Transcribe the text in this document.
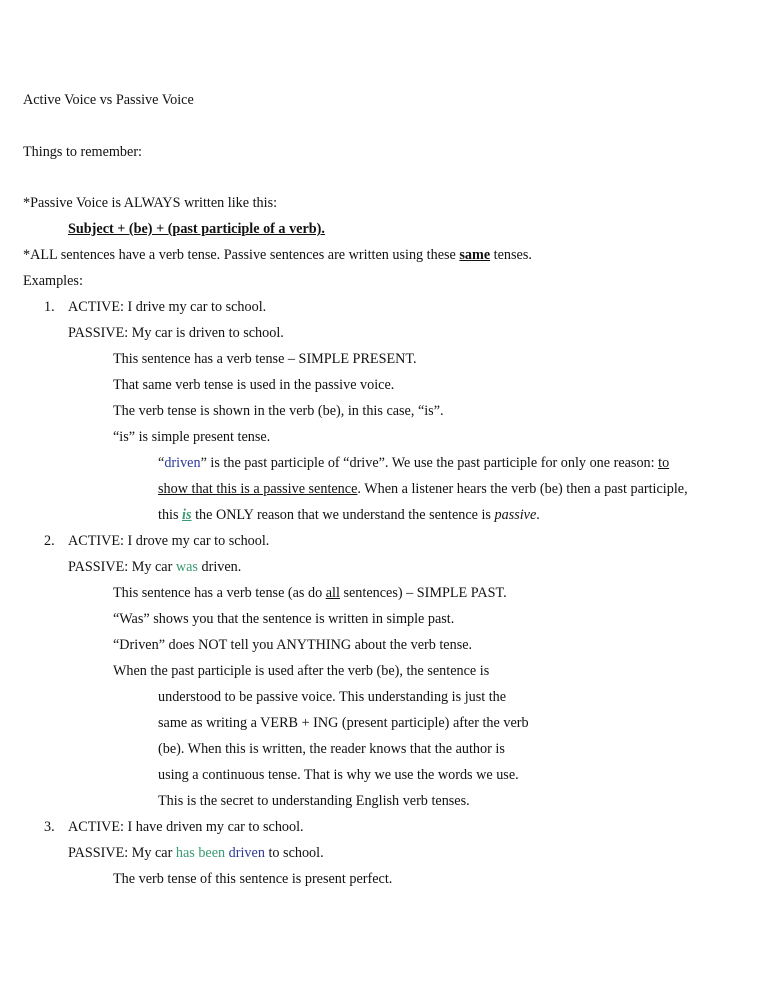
Active Voice vs Passive Voice
Things to remember:
*Passive Voice is ALWAYS written like this:
Subject + (be) + (past participle of a verb).
*ALL sentences have a verb tense. Passive sentences are written using these same tenses.
Examples:
1. ACTIVE: I drive my car to school.
PASSIVE: My car is driven to school.
This sentence has a verb tense – SIMPLE PRESENT.
That same verb tense is used in the passive voice.
The verb tense is shown in the verb (be), in this case, “is”.
“is” is simple present tense.
“driven” is the past participle of “drive”. We use the past participle for only one reason: to
show that this is a passive sentence. When a listener hears the verb (be) then a past participle,
this is the ONLY reason that we understand the sentence is passive.
2. ACTIVE: I drove my car to school.
PASSIVE: My car was driven.
This sentence has a verb tense (as do all sentences) – SIMPLE PAST.
“Was” shows you that the sentence is written in simple past.
“Driven” does NOT tell you ANYTHING about the verb tense.
When the past participle is used after the verb (be), the sentence is
understood to be passive voice. This understanding is just the
same as writing a VERB + ING (present participle) after the verb
(be). When this is written, the reader knows that the author is
using a continuous tense. That is why we use the words we use.
This is the secret to understanding English verb tenses.
3. ACTIVE: I have driven my car to school.
PASSIVE: My car has been driven to school.
The verb tense of this sentence is present perfect.
